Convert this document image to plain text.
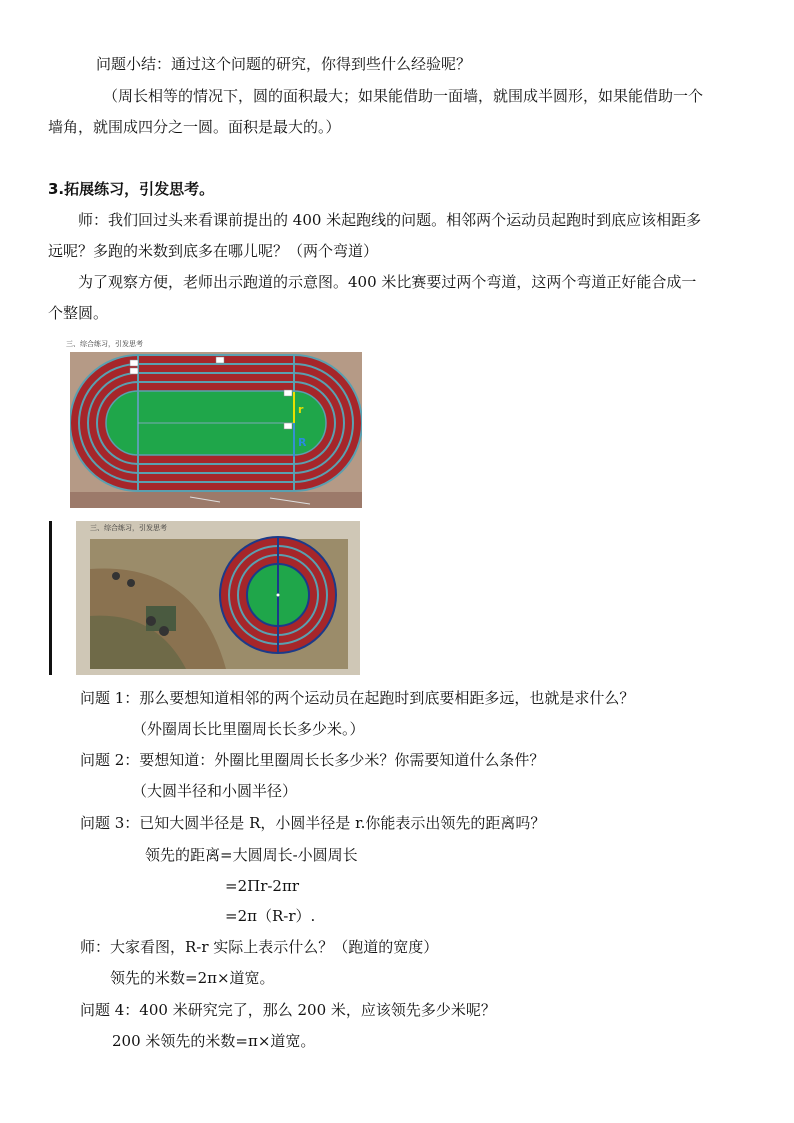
问题小结：通过这个问题的研究，你得到些什么经验呢？
（周长相等的情况下，圆的面积最大；如果能借助一面墙，就围成半圆形，如果能借助一个
墙角，就围成四分之一圆。面积是最大的。）
3.拓展练习，引发思考。
师：我们回过头来看课前提出的 400 米起跑线的问题。相邻两个运动员起跑时到底应该相距多
远呢？多跑的米数到底多在哪儿呢？（两个弯道）
为了观察方便，老师出示跑道的示意图。400 米比赛要过两个弯道，这两个弯道正好能合成一
个整圆。
三、综合练习，引发思考
r
R
三、综合练习，引发思考
问题 1：那么要想知道相邻的两个运动员在起跑时到底要相距多远，也就是求什么？
（外圈周长比里圈周长长多少米。）
问题 2：要想知道：外圈比里圈周长长多少米？你需要知道什么条件？
（大圆半径和小圆半径）
问题 3：已知大圆半径是 R，小圆半径是 r.你能表示出领先的距离吗？
领先的距离=大圆周长-小圆周长
=2Πr-2πr
=2π（R-r）.
师：大家看图，R-r 实际上表示什么？（跑道的宽度）
领先的米数=2π×道宽。
问题 4：400 米研究完了，那么 200 米，应该领先多少米呢？
200 米领先的米数=π×道宽。
